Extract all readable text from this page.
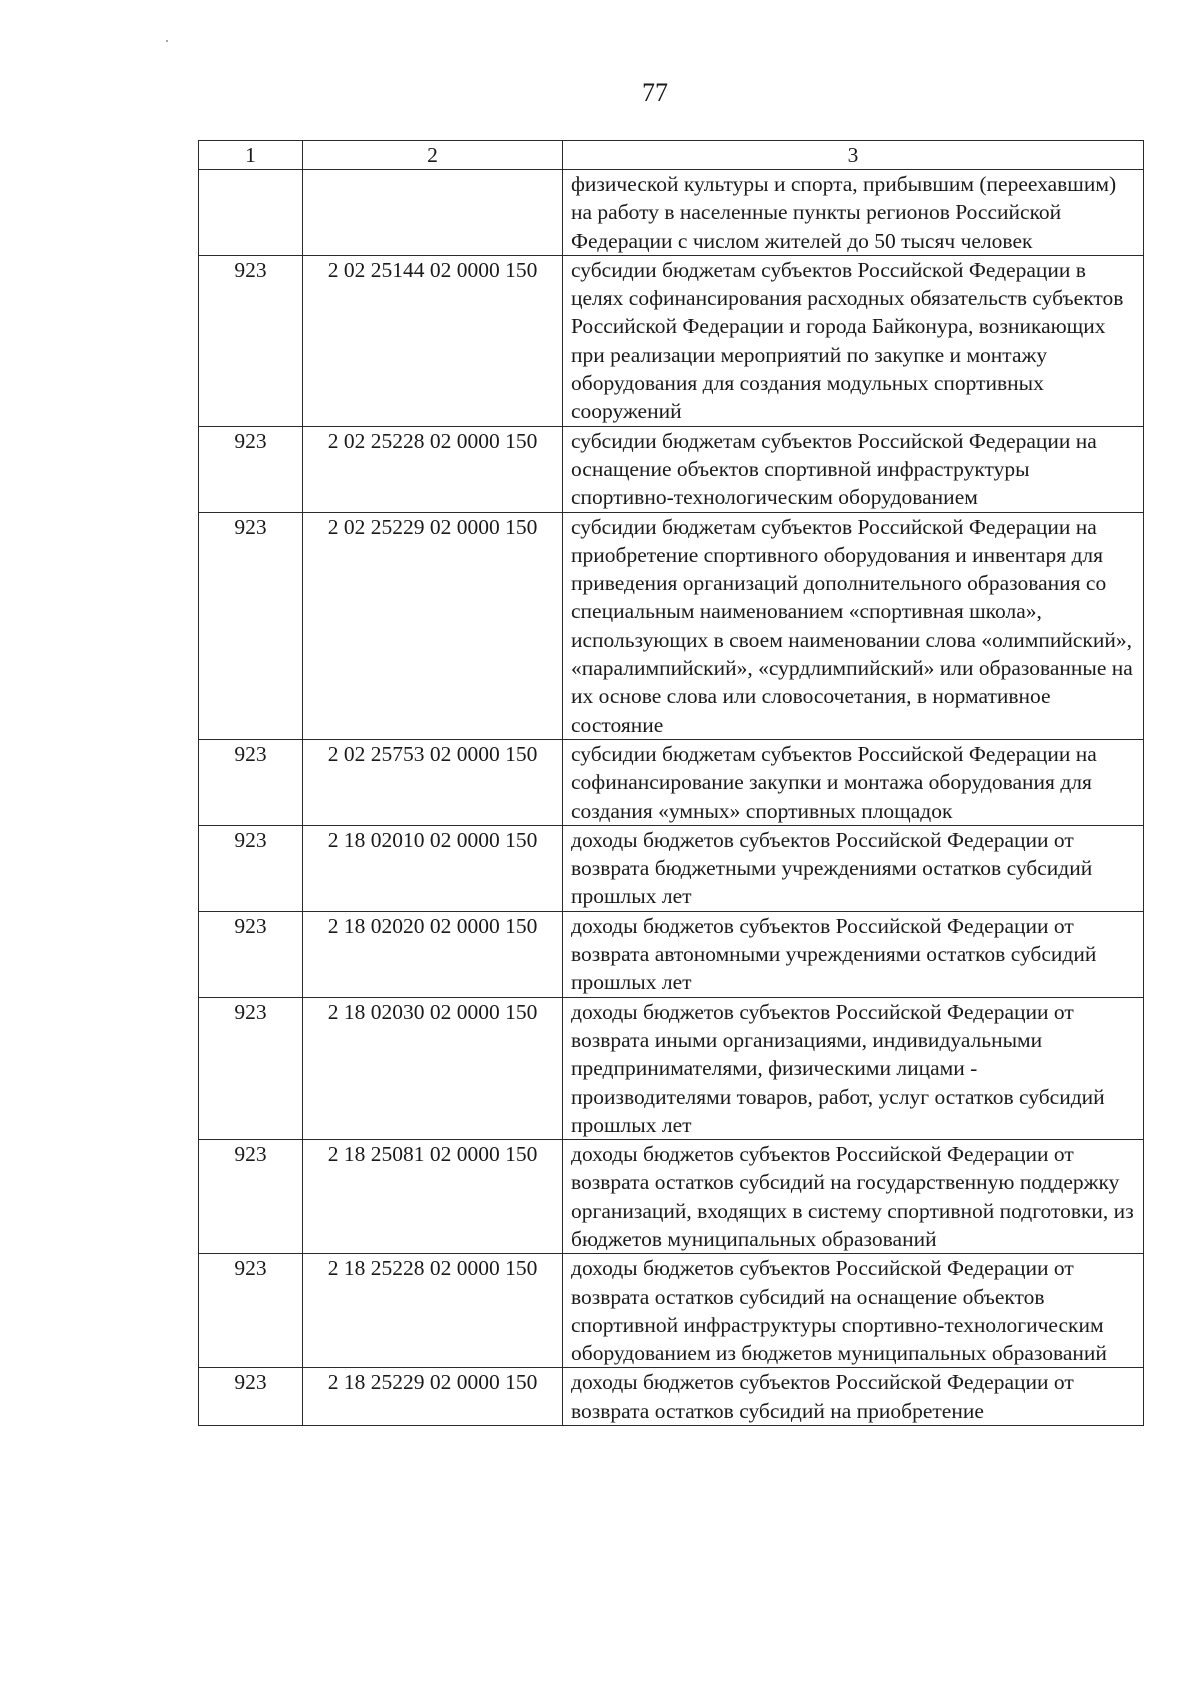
77
1	2	3
		физической культуры и спорта, прибывшим (переехавшим) на работу в населенные пункты регионов Российской Федерации с числом жителей до 50 тысяч человек
923	2 02 25144 02 0000 150	субсидии бюджетам субъектов Российской Федерации в целях софинансирования расходных обязательств субъектов Российской Федерации и города Байконура, возникающих при реализации мероприятий по закупке и монтажу оборудования для создания модульных спортивных сооружений
923	2 02 25228 02 0000 150	субсидии бюджетам субъектов Российской Федерации на оснащение объектов спортивной инфраструктуры спортивно-технологическим оборудованием
923	2 02 25229 02 0000 150	субсидии бюджетам субъектов Российской Федерации на приобретение спортивного оборудования и инвентаря для приведения организаций дополнительного образования со специальным наименованием «спортивная школа», использующих в своем наименовании слова «олимпийский», «паралимпийский», «сурдлимпийский» или образованные на их основе слова или словосочетания, в нормативное состояние
923	2 02 25753 02 0000 150	субсидии бюджетам субъектов Российской Федерации на софинансирование закупки и монтажа оборудования для создания «умных» спортивных площадок
923	2 18 02010 02 0000 150	доходы бюджетов субъектов Российской Федерации от возврата бюджетными учреждениями остатков субсидий прошлых лет
923	2 18 02020 02 0000 150	доходы бюджетов субъектов Российской Федерации от возврата автономными учреждениями остатков субсидий прошлых лет
923	2 18 02030 02 0000 150	доходы бюджетов субъектов Российской Федерации от возврата иными организациями, индивидуальными предпринимателями, физическими лицами - производителями товаров, работ, услуг остатков субсидий прошлых лет
923	2 18 25081 02 0000 150	доходы бюджетов субъектов Российской Федерации от возврата остатков субсидий на государственную поддержку организаций, входящих в систему спортивной подготовки, из бюджетов муниципальных образований
923	2 18 25228 02 0000 150	доходы бюджетов субъектов Российской Федерации от возврата остатков субсидий на оснащение объектов спортивной инфраструктуры спортивно-технологическим оборудованием из бюджетов муниципальных образований
923	2 18 25229 02 0000 150	доходы бюджетов субъектов Российской Федерации от возврата остатков субсидий на приобретение
